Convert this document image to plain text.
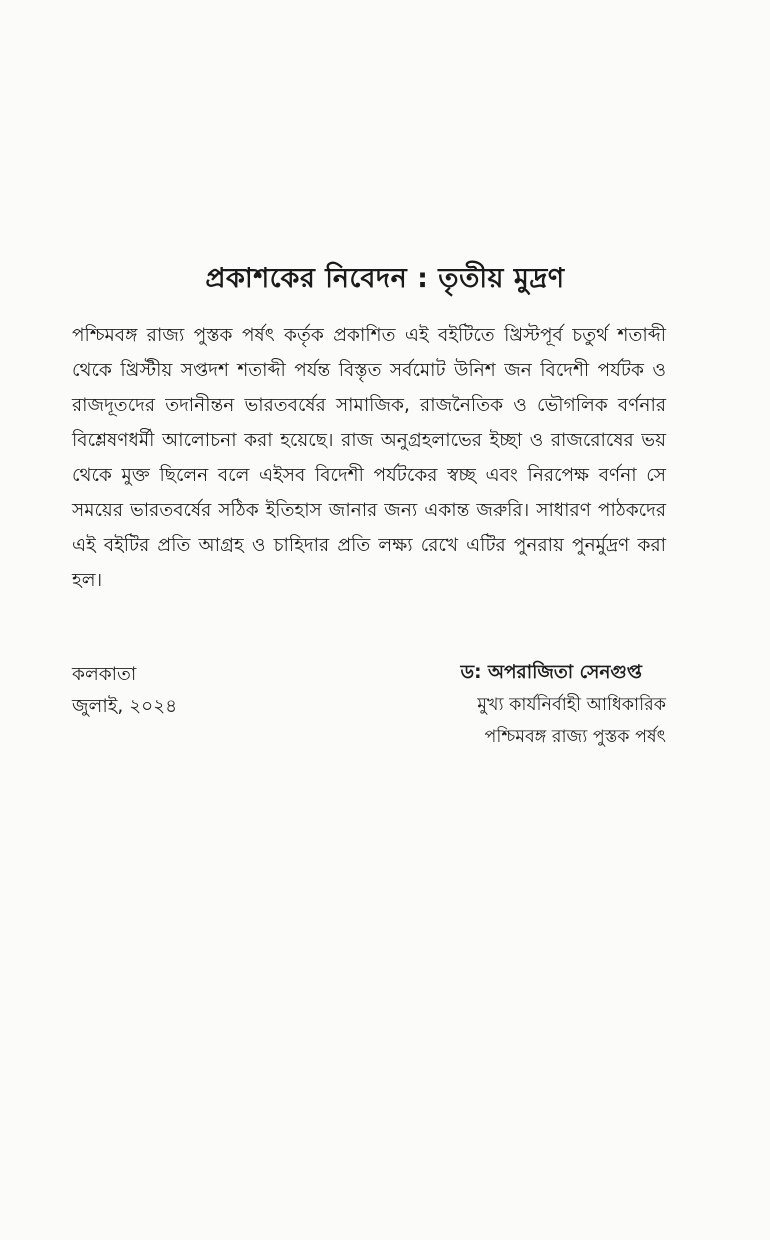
প্রকাশকের নিবেদন : তৃতীয় মুদ্রণ

পশ্চিমবঙ্গ রাজ্য পুস্তক পর্ষৎ কর্তৃক প্রকাশিত এই বইটিতে খ্রিস্টপূর্ব চতুর্থ শতাব্দী থেকে খ্রিস্টীয় সপ্তদশ শতাব্দী পর্যন্ত বিস্তৃত সর্বমোট উনিশ জন বিদেশী পর্যটক ও রাজদূতদের তদানীন্তন ভারতবর্ষের সামাজিক, রাজনৈতিক ও ভৌগলিক বর্ণনার বিশ্লেষণধর্মী আলোচনা করা হয়েছে। রাজ অনুগ্রহলাভের ইচ্ছা ও রাজরোষের ভয় থেকে মুক্ত ছিলেন বলে এইসব বিদেশী পর্যটকের স্বচ্ছ এবং নিরপেক্ষ বর্ণনা সে সময়ের ভারতবর্ষের সঠিক ইতিহাস জানার জন্য একান্ত জরুরি। সাধারণ পাঠকদের এই বইটির প্রতি আগ্রহ ও চাহিদার প্রতি লক্ষ্য রেখে এটির পুনরায় পুনর্মুদ্রণ করা হল।

কলকাতা
জুলাই, ২০২৪
ড: অপরাজিতা সেনগুপ্ত
মুখ্য কার্যনির্বাহী আধিকারিক
পশ্চিমবঙ্গ রাজ্য পুস্তক পর্ষৎ
